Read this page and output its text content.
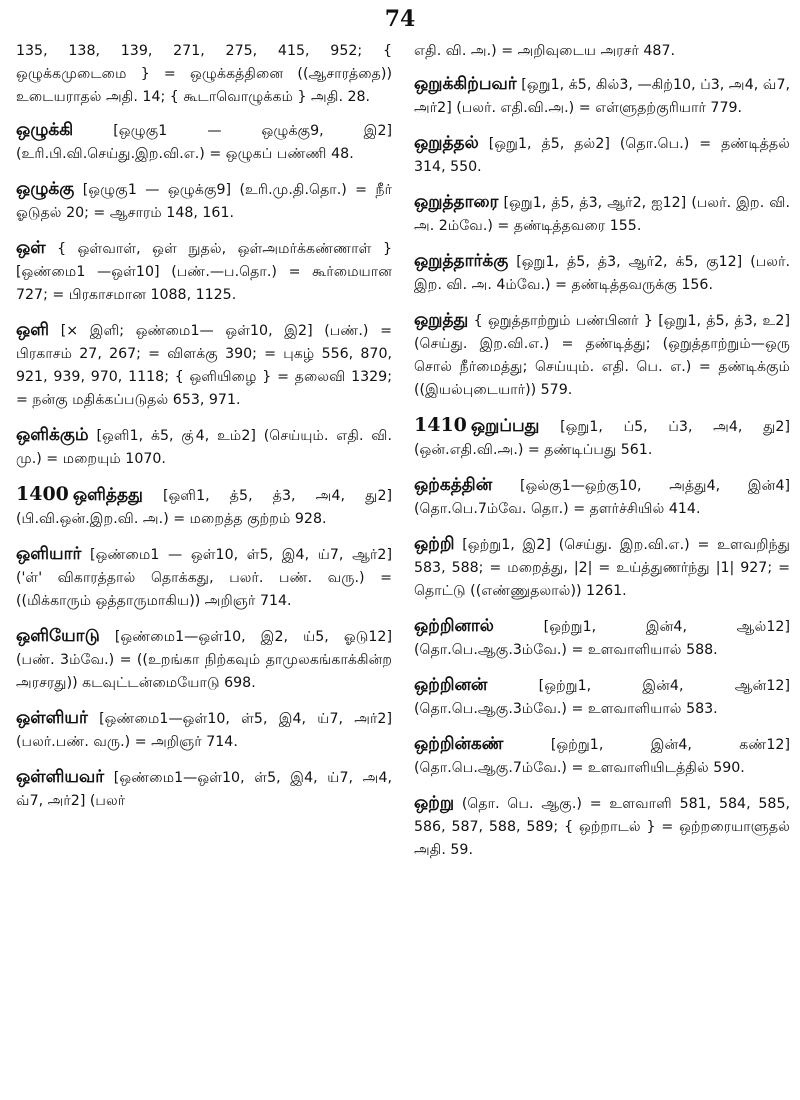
74

135, 138, 139, 271, 275, 415, 952; { ஒழுக்கமுடைமை } = ஒழுக்கத்தினை ((ஆசாரத்தை)) உடையராதல் அதி. 14; { கூடாவொழுக்கம் } அதி. 28.

ஒழுக்கி	[ஒழுகு1 — ஒழுக்கு9, இ2] (உரி.பி.வி.செய்து.இற.வி.எ.) = ஒழுகப் பண்ணி 48.

ஒழுக்கு [ஒழுகு1 — ஒழுக்கு9] (உரி.மு.தி.தொ.) = நீர் ஓடுதல் 20; = ஆசாரம் 148, 161.

ஒள் { ஒள்வாள், ஒள் நுதல், ஒள்அமர்க்கண்ணாள் } [ஒண்மை1 —ஒள்10] (பண்.—ப.தொ.) = கூர்மையான 727; = பிரகாசமான 1088, 1125.

ஒளி [× இளி; ஒண்மை1— ஒள்10, இ2] (பண்.) = பிரகாசம் 27, 267; = விளக்கு 390; = புகழ் 556, 870, 921, 939, 970, 1118; { ஒளியிழை } = தலைவி 1329; = நன்கு மதிக்கப்படுதல் 653, 971.

ஒளிக்கும் [ஒளி1, க்5, கு்4, உம்2] (செய்யும். எதி. வி. மு.) = மறையும் 1070.

1400 ஒளித்தது [ஒளி1, த்5, த்3, அ4, து2] (பி.வி.ஒன்.இற.வி. அ.) = மறைத்த குற்றம் 928.

ஒளியார் [ஒண்மை1 — ஒள்10, ள்5, இ4, ய்7, ஆர்2] ('ள்' விகாரத்தால் தொக்கது, பலர். பண். வரு.) = ((மிக்காரும் ஒத்தாருமாகிய)) அறிஞர் 714.

ஒளியோடு [ஒண்மை1—ஒள்10, இ2, ய்5, ஓடு12] (பண். 3ம்வே.) = ((உறங்கா நிற்கவும் தாமுலகங்காக்கின்ற அரசரது)) கடவுட்டன்மையோடு 698.

ஒள்ளியர் [ஒண்மை1—ஒள்10, ள்5, இ4, ய்7, அர்2] (பலர்.பண். வரு.) = அறிஞர் 714.

ஒள்ளியவர் [ஒண்மை1—ஒள்10, ள்5, இ4, ய்7, அ4, வ்7, அர்2] (பலர்

எதி. வி. அ.) = அறிவுடைய அரசர் 487.

ஒறுக்கிற்பவர் [ஒறு1, க்5, கில்3, —கிற்10, ப்3, அ4, வ்7, அர்2] (பலர். எதி.வி.அ.) = எள்ளுதற்குரியார் 779.

ஒறுத்தல் [ஒறு1, த்5, தல்2] (தொ.பெ.) = தண்டித்தல் 314, 550.

ஒறுத்தாரை [ஒறு1, த்5, த்3, ஆர்2, ஐ12] (பலர். இற. வி. அ. 2ம்வே.) = தண்டித்தவரை 155.

ஒறுத்தார்க்கு [ஒறு1, த்5, த்3, ஆர்2, க்5, கு12] (பலர். இற. வி. அ. 4ம்வே.) = தண்டித்தவருக்கு 156.

ஒறுத்து { ஒறுத்தாற்றும் பண்பினர் } [ஒறு1, த்5, த்3, உ2] (செய்து. இற.வி.எ.) = தண்டித்து; (ஒறுத்தாற்றும்—ஒரு சொல் நீர்மைத்து; செய்யும். எதி. பெ. எ.) = தண்டிக்கும் ((இயல்புடையார்)) 579.

1410 ஒறுப்பது [ஒறு1, ப்5, ப்3, அ4, து2] (ஒன்.எதி.வி.அ.) = தண்டிப்பது 561.

ஒற்கத்தின் [ஒல்கு1—ஒற்கு10, அத்து4, இன்4] (தொ.பெ.7ம்வே. தொ.) = தளர்ச்சியில் 414.

ஒற்றி [ஒற்று1, இ2] (செய்து. இற.வி.எ.) = உளவறிந்து 583, 588; = மறைத்து, |2| = உய்த்துணர்ந்து |1| 927; = தொட்டு ((எண்ணுதலால்)) 1261.

ஒற்றினால்	[ஒற்று1, இன்4, ஆல்12] (தொ.பெ.ஆகு.3ம்வே.) = உளவாளியால் 588.

ஒற்றினன்	[ஒற்று1, இன்4, ஆன்12] (தொ.பெ.ஆகு.3ம்வே.) = உளவாளியால் 583.

ஒற்றின்கண்	[ஒற்று1, இன்4, கண்12] (தொ.பெ.ஆகு.7ம்வே.) = உளவாளியிடத்தில் 590.

ஒற்று (தொ. பெ. ஆகு.) = உளவாளி 581, 584, 585, 586, 587, 588, 589; { ஒற்றாடல் } = ஒற்றரையாளுதல் அதி. 59.
